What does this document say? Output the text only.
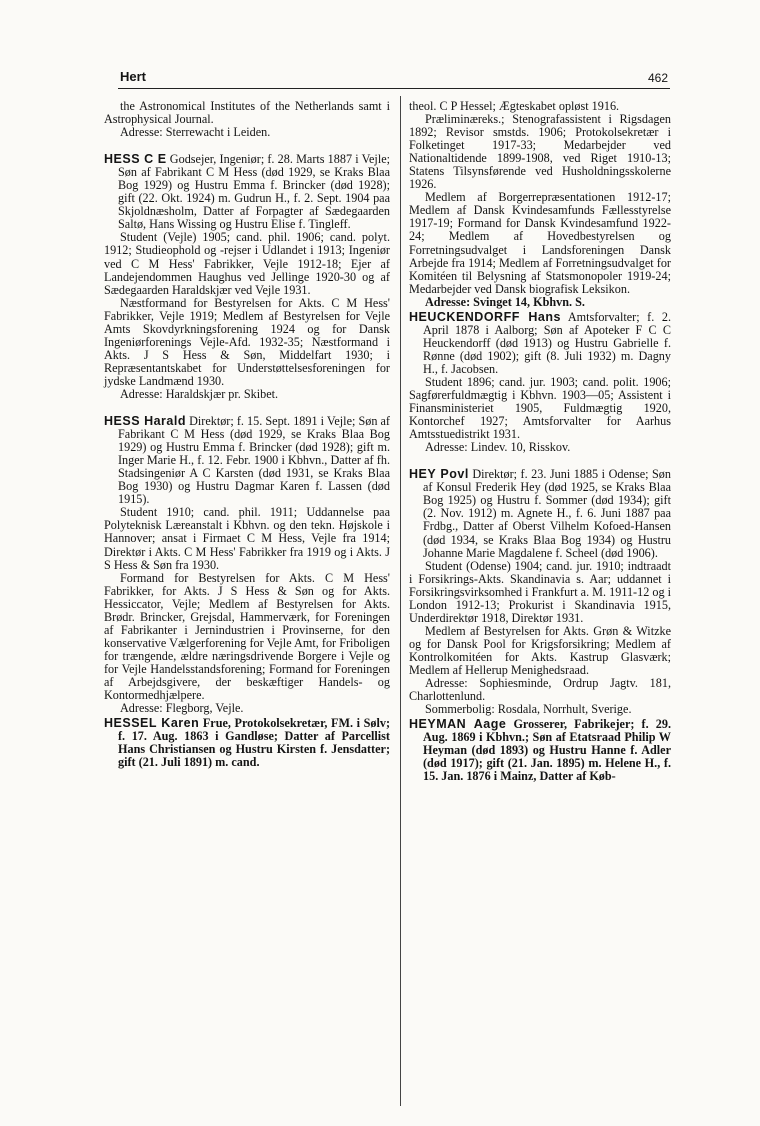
Hert	462

the Astronomical Institutes of the Netherlands samt i Astrophysical Journal.

Adresse: Sterrewacht i Leiden.

HESS C E Godsejer, Ingeniør; f. 28. Marts 1887 i Vejle; Søn af Fabrikant C M Hess (død 1929, se Kraks Blaa Bog 1929) og Hustru Emma f. Brincker (død 1928); gift (22. Okt. 1924) m. Gudrun H., f. 2. Sept. 1904 paa Skjoldnæsholm, Datter af Forpagter af Sædegaarden Saltø, Hans Wissing og Hustru Elise f. Tingleff.

Student (Vejle) 1905; cand. phil. 1906; cand. polyt. 1912; Studieophold og -rejser i Udlandet i 1913; Ingeniør ved C M Hess' Fabrikker, Vejle 1912-18; Ejer af Landejendommen Haughus ved Jellinge 1920-30 og af Sædegaarden Haraldskjær ved Vejle 1931.

Næstformand for Bestyrelsen for Akts. C M Hess' Fabrikker, Vejle 1919; Medlem af Bestyrelsen for Vejle Amts Skovdyrkningsforening 1924 og for Dansk Ingeniørforenings Vejle-Afd. 1932-35; Næstformand i Akts. J S Hess & Søn, Middelfart 1930; i Repræsentantskabet for Understøttelsesforeningen for jydske Landmænd 1930.

Adresse: Haraldskjær pr. Skibet.

HESS Harald Direktør; f. 15. Sept. 1891 i Vejle; Søn af Fabrikant C M Hess (død 1929, se Kraks Blaa Bog 1929) og Hustru Emma f. Brincker (død 1928); gift m. Inger Marie H., f. 12. Febr. 1900 i Kbhvn., Datter af fh. Stadsingeniør A C Karsten (død 1931, se Kraks Blaa Bog 1930) og Hustru Dagmar Karen f. Lassen (død 1915).

Student 1910; cand. phil. 1911; Uddannelse paa Polyteknisk Læreanstalt i Kbhvn. og den tekn. Højskole i Hannover; ansat i Firmaet C M Hess, Vejle fra 1914; Direktør i Akts. C M Hess' Fabrikker fra 1919 og i Akts. J S Hess & Søn fra 1930.

Formand for Bestyrelsen for Akts. C M Hess' Fabrikker, for Akts. J S Hess & Søn og for Akts. Hessiccator, Vejle; Medlem af Bestyrelsen for Akts. Brødr. Brincker, Grejsdal, Hammerværk, for Foreningen af Fabrikanter i Jernindustrien i Provinserne, for den konservative Vælgerforening for Vejle Amt, for Friboligen for trængende, ældre næringsdrivende Borgere i Vejle og for Vejle Handelsstandsforening; Formand for Foreningen af Arbejdsgivere, der beskæftiger Handels- og Kontormedhjælpere.

Adresse: Flegborg, Vejle.

HESSEL Karen Frue, Protokolsekretær, FM. i Sølv; f. 17. Aug. 1863 i Gandløse; Datter af Parcellist Hans Christiansen og Hustru Kirsten f. Jensdatter; gift (21. Juli 1891) m. cand.

theol. C P Hessel; Ægteskabet opløst 1916.

Præliminæreks.; Stenografassistent i Rigsdagen 1892; Revisor smstds. 1906; Protokolsekretær i Folketinget 1917-33; Medarbejder ved Nationaltidende 1899-1908, ved Riget 1910-13; Statens Tilsynsførende ved Husholdningsskolerne 1926.

Medlem af Borgerrepræsentationen 1912-17; Medlem af Dansk Kvindesamfunds Fællesstyrelse 1917-19; Formand for Dansk Kvindesamfund 1922-24; Medlem af Hovedbestyrelsen og Forretningsudvalget i Landsforeningen Dansk Arbejde fra 1914; Medlem af Forretningsudvalget for Komitéen til Belysning af Statsmonopoler 1919-24; Medarbejder ved Dansk biografisk Leksikon.

Adresse: Svinget 14, Kbhvn. S.

HEUCKENDORFF Hans Amtsforvalter; f. 2. April 1878 i Aalborg; Søn af Apoteker F C C Heuckendorff (død 1913) og Hustru Gabrielle f. Rønne (død 1902); gift (8. Juli 1932) m. Dagny H., f. Jacobsen.

Student 1896; cand. jur. 1903; cand. polit. 1906; Sagførerfuldmægtig i Kbhvn. 1903—05; Assistent i Finansministeriet 1905, Fuldmægtig 1920, Kontorchef 1927; Amtsforvalter for Aarhus Amtsstuedistrikt 1931.

Adresse: Lindev. 10, Risskov.

HEY Povl Direktør; f. 23. Juni 1885 i Odense; Søn af Konsul Frederik Hey (død 1925, se Kraks Blaa Bog 1925) og Hustru f. Sommer (død 1934); gift (2. Nov. 1912) m. Agnete H., f. 6. Juni 1887 paa Frdbg., Datter af Oberst Vilhelm Kofoed-Hansen (død 1934, se Kraks Blaa Bog 1934) og Hustru Johanne Marie Magdalene f. Scheel (død 1906).

Student (Odense) 1904; cand. jur. 1910; indtraadt i Forsikrings-Akts. Skandinavia s. Aar; uddannet i Forsikringsvirksomhed i Frankfurt a. M. 1911-12 og i London 1912-13; Prokurist i Skandinavia 1915, Underdirektør 1918, Direktør 1931.

Medlem af Bestyrelsen for Akts. Grøn & Witzke og for Dansk Pool for Krigsforsikring; Medlem af Kontrolkomitéen for Akts. Kastrup Glasværk; Medlem af Hellerup Menighedsraad.

Adresse: Sophiesminde, Ordrup Jagtv. 181, Charlottenlund.

Sommerbolig: Rosdala, Norrhult, Sverige.

HEYMAN Aage Grosserer, Fabrikejer; f. 29. Aug. 1869 i Kbhvn.; Søn af Etatsraad Philip W Heyman (død 1893) og Hustru Hanne f. Adler (død 1917); gift (21. Jan. 1895) m. Helene H., f. 15. Jan. 1876 i Mainz, Datter af Køb-
